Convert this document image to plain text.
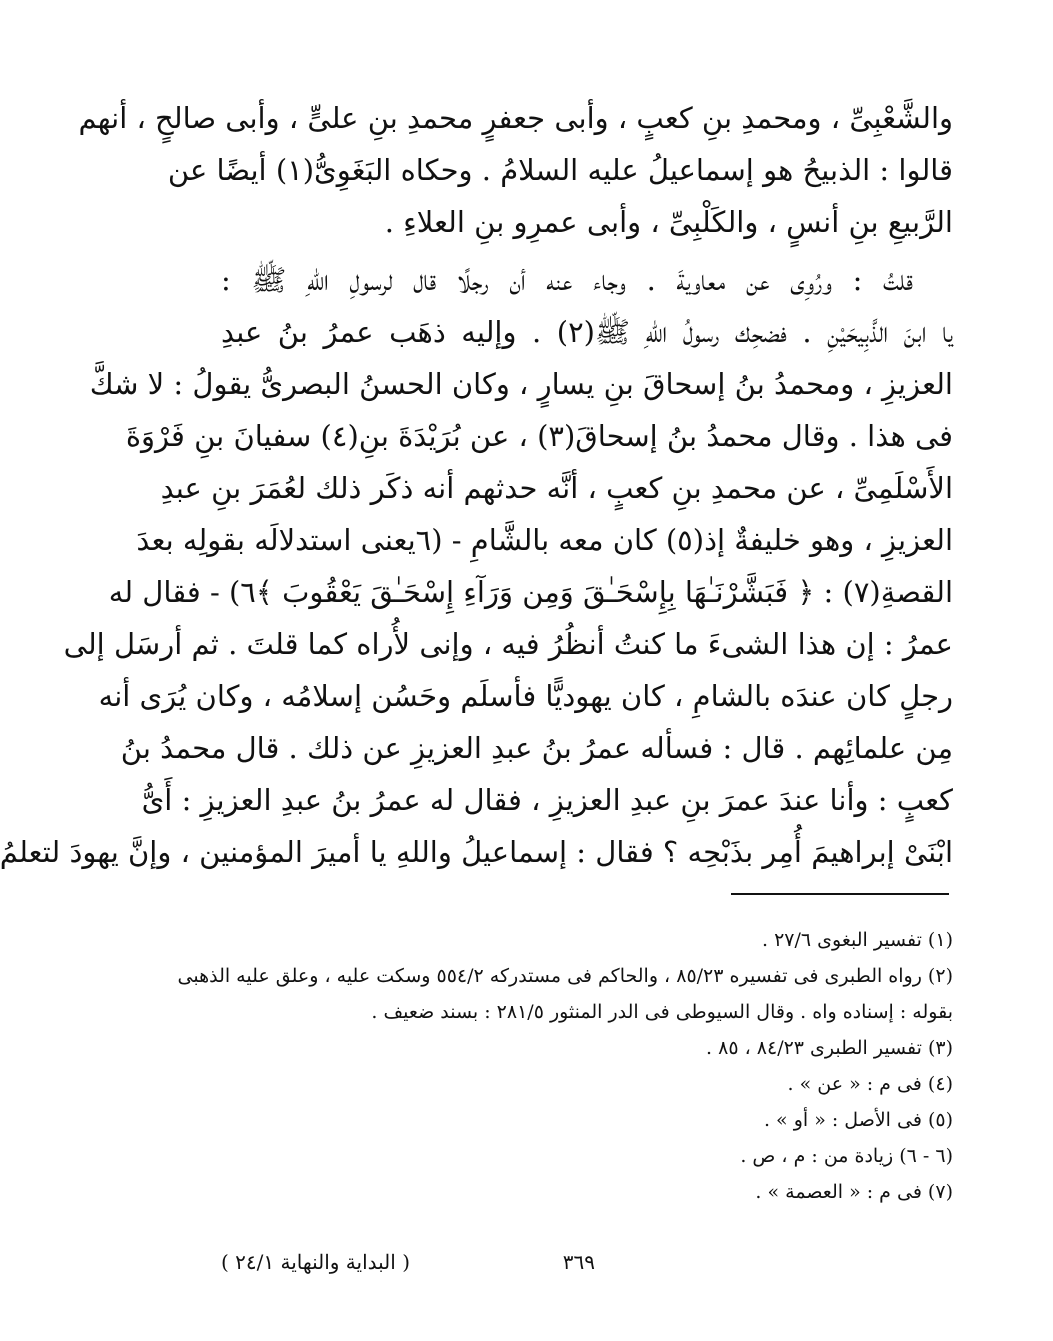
والشَّعْبِىِّ ، ومحمدِ بنِ كعبٍ ، وأبى جعفرٍ محمدِ بنِ علىٍّ ، وأبى صالحٍ ، أنهم
قالوا : الذبيحُ هو إسماعيلُ عليه السلامُ . وحكاه البَغَوِىُّ(١) أيضًا عن
الرَّبيعِ بنِ أنسٍ ، والكَلْبِىِّ ، وأبى عمرِو بنِ العلاءِ .
قلتُ : ورُوِى عن معاويةَ . وجاء عنه أن رجلًا قال لرسولِ اللهِ ﷺ :
يا ابنَ الذَّبِيحَيْنِ . فضحِك رسولُ اللهِ ﷺ(٢) . وإليه ذهَب عمرُ بنُ عبدِ
العزيزِ ، ومحمدُ بنُ إسحاقَ بنِ يسارٍ ، وكان الحسنُ البصرىُّ يقولُ : لا شكَّ
فى هذا . وقال محمدُ بنُ إسحاقَ(٣) ، عن بُرَيْدَةَ بنِ(٤) سفيانَ بنِ فَرْوَةَ
الأَسْلَمِىِّ ، عن محمدِ بنِ كعبٍ ، أنَّه حدثهم أنه ذكَر ذلك لعُمَرَ بنِ عبدِ
العزيزِ ، وهو خليفةٌ إذ(٥) كان معه بالشَّامِ - (٦يعنى استدلالَه بقولِه بعدَ
القصةِ(٧) : ﴿ فَبَشَّرْنَـٰهَا بِإِسْحَـٰقَ وَمِن وَرَآءِ إِسْحَـٰقَ يَعْقُوبَ ﴾٦) - فقال له
عمرُ : إن هذا الشىءَ ما كنتُ أنظُرُ فيه ، وإنى لأُراه كما قلتَ . ثم أرسَل إلى
رجلٍ كان عندَه بالشامِ ، كان يهوديًّا فأسلَم وحَسُن إسلامُه ، وكان يُرَى أنه
مِن علمائِهم . قال : فسأله عمرُ بنُ عبدِ العزيزِ عن ذلك . قال محمدُ بنُ
كعبٍ : وأنا عندَ عمرَ بنِ عبدِ العزيزِ ، فقال له عمرُ بنُ عبدِ العزيزِ : أَىُّ
ابْنَىْ إبراهيمَ أُمِر بذَبْحِه ؟ فقال : إسماعيلُ واللهِ يا أميرَ المؤمنين ، وإنَّ يهودَ لتعلمُ
(١) تفسير البغوى ٢٧/٦ .
(٢) رواه الطبرى فى تفسيره ٨٥/٢٣ ، والحاكم فى مستدركه ٥٥٤/٢ وسكت عليه ، وعلق عليه الذهبى
بقوله : إسناده واه . وقال السيوطى فى الدر المنثور ٢٨١/٥ : بسند ضعيف .
(٣) تفسير الطبرى ٨٤/٢٣ ، ٨٥ .
(٤) فى م : « عن » .
(٥) فى الأصل : « أو » .
(٦ - ٦) زيادة من : م ، ص .
(٧) فى م : « العصمة » .
٣٦٩
( البداية والنهاية ٢٤/١ )
